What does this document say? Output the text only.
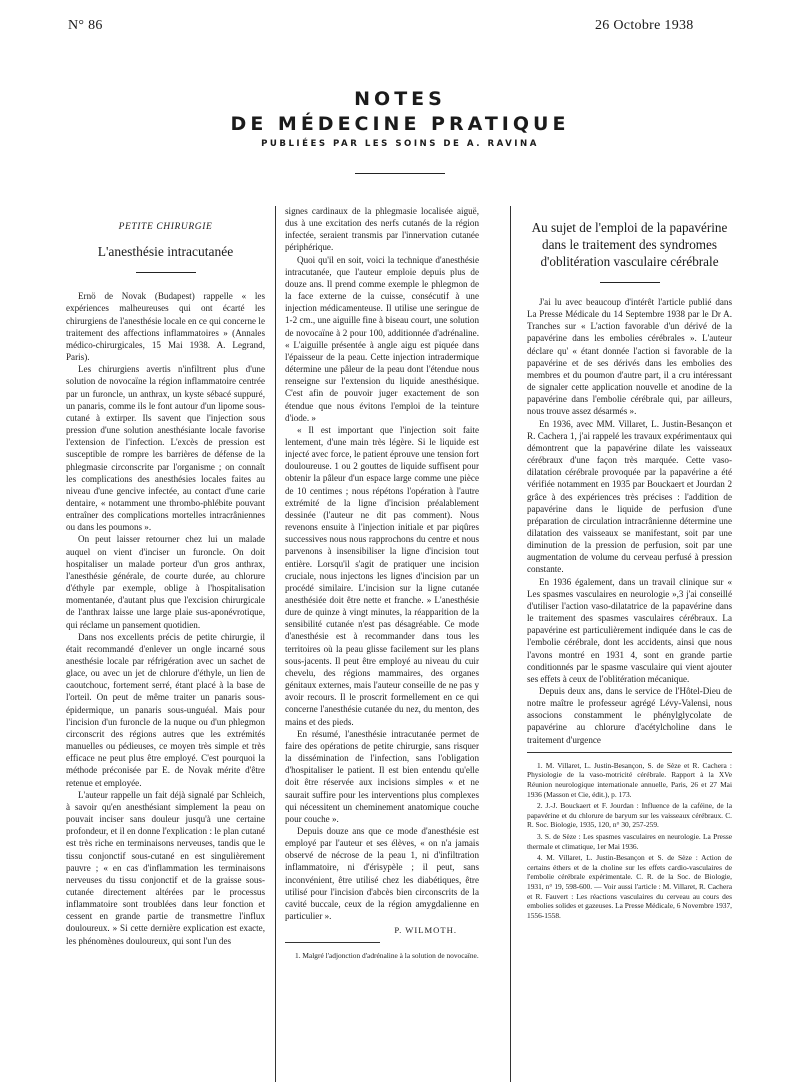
N° 86	26 Octobre 1938
NOTES
DE MÉDECINE PRATIQUE
PUBLIÉES PAR LES SOINS DE A. RAVINA
PETITE CHIRURGIE
L'anesthésie intracutanée

Ernö de Novak (Budapest) rappelle « les expériences malheureuses qui ont écarté les chirurgiens de l'anesthésie locale en ce qui concerne le traitement des affections inflammatoires » (Annales médico-chirurgicales, 15 Mai 1938. A. Legrand, Paris).

Les chirurgiens avertis n'infiltrent plus d'une solution de novocaïne la région inflammatoire centrée par un furoncle, un anthrax, un kyste sébacé suppuré, un panaris, comme ils le font autour d'un lipome sous-cutané à extirper. Ils savent que l'injection sous pression d'une solution anesthésiante locale favorise l'extension de l'infection. L'excès de pression est susceptible de rompre les barrières de défense de la phlegmasie circonscrite par l'organisme ; on connaît les complications des anesthésies locales faites au niveau d'une gencive infectée, au contact d'une carie dentaire, « notamment une thrombo-phlébite pouvant entraîner des complications mortelles intracrâniennes ou dans les poumons ».

On peut laisser retourner chez lui un malade auquel on vient d'inciser un furoncle. On doit hospitaliser un malade porteur d'un gros anthrax, l'anesthésie générale, de courte durée, au chlorure d'éthyle par exemple, oblige à l'hospitalisation momentanée, d'autant plus que l'excision chirurgicale de l'anthrax laisse une large plaie sus-aponévrotique, qui réclame un pansement quotidien.

Dans nos excellents précis de petite chirurgie, il était recommandé d'enlever un ongle incarné sous anesthésie locale par réfrigération avec un sachet de glace, ou avec un jet de chlorure d'éthyle, un lien de caoutchouc, fortement serré, étant placé à la base de l'orteil. On peut de même traiter un panaris sous-épidermique, un panaris sous-unguéal. Mais pour l'incision d'un furoncle de la nuque ou d'un phlegmon circonscrit des régions autres que les extrémités manuelles ou pédieuses, ce moyen très simple et très efficace ne peut plus être employé. C'est pourquoi la méthode préconisée par E. de Novak mérite d'être retenue et employée.

L'auteur rappelle un fait déjà signalé par Schleich, à savoir qu'en anesthésiant simplement la peau on pouvait inciser sans douleur jusqu'à une certaine profondeur, et il en donne l'explication : le plan cutané est très riche en terminaisons nerveuses, tandis que le tissu conjonctif sous-cutané en est singulièrement pauvre ; « en cas d'inflammation les terminaisons nerveuses du tissu conjonctif et de la graisse sous-cutanée directement altérées par le processus inflammatoire sont troublées dans leur fonction et cessent en grande partie de transmettre l'influx douloureux. » Si cette dernière explication est exacte, les phénomènes douloureux, qui sont l'un des

signes cardinaux de la phlegmasie localisée aiguë, dus à une excitation des nerfs cutanés de la région infectée, seraient transmis par l'innervation cutanée périphérique.

Quoi qu'il en soit, voici la technique d'anesthésie intracutanée, que l'auteur emploie depuis plus de douze ans. Il prend comme exemple le phlegmon de la face externe de la cuisse, consécutif à une injection médicamenteuse. Il utilise une seringue de 1-2 cm., une aiguille fine à biseau court, une solution de novocaïne à 2 pour 100, additionnée d'adrénaline. « L'aiguille présentée à angle aigu est piquée dans l'épaisseur de la peau. Cette injection intradermique détermine une pâleur de la peau dont l'étendue nous renseigne sur l'extension du liquide anesthésique. C'est afin de pouvoir juger exactement de son étendue que nous évitons l'emploi de la teinture d'iode. »

« Il est important que l'injection soit faite lentement, d'une main très légère. Si le liquide est injecté avec force, le patient éprouve une tension fort douloureuse. 1 ou 2 gouttes de liquide suffisent pour obtenir la pâleur d'un espace large comme une pièce de 10 centimes ; nous répétons l'opération à l'autre extrémité de la ligne d'incision préalablement dessinée (l'auteur ne dit pas comment). Nous revenons ensuite à l'injection initiale et par piqûres successives nous nous rapprochons du centre et nous parvenons à insensibiliser la ligne d'incision tout entière. Lorsqu'il s'agit de pratiquer une incision cruciale, nous injectons les lignes d'incision par un procédé similaire. L'incision sur la ligne cutanée anesthésiée doit être nette et franche. » L'anesthésie dure de quinze à vingt minutes, la réapparition de la sensibilité cutanée n'est pas désagréable. Ce mode d'anesthésie est à recommander dans tous les territoires où la peau glisse facilement sur les plans sous-jacents. Il peut être employé au niveau du cuir chevelu, des régions mammaires, des organes génitaux externes, mais l'auteur conseille de ne pas y avoir recours. Il le proscrit formellement en ce qui concerne l'anesthésie cutanée du nez, du menton, des mains et des pieds.

En résumé, l'anesthésie intracutanée permet de faire des opérations de petite chirurgie, sans risquer la dissémination de l'infection, sans l'obligation d'hospitaliser le patient. Il est bien entendu qu'elle doit être réservée aux incisions simples « et ne saurait suffire pour les interventions plus complexes qui nécessitent un cheminement anatomique couche pour couche ».

Depuis douze ans que ce mode d'anesthésie est employé par l'auteur et ses élèves, « on n'a jamais observé de nécrose de la peau 1, ni d'infiltration inflammatoire, ni d'érisypèle ; il peut, sans inconvénient, être utilisé chez les diabétiques, être utilisé pour l'incision d'abcès bien circonscrits de la cavité buccale, ceux de la région amygdalienne en particulier ».

P. WILMOTH.

1. Malgré l'adjonction d'adrénaline à la solution de novocaïne.

Au sujet de l'emploi de la papavérine
dans le traitement des syndromes
d'oblitération vasculaire cérébrale

J'ai lu avec beaucoup d'intérêt l'article publié dans La Presse Médicale du 14 Septembre 1938 par le Dr A. Tranches sur « L'action favorable d'un dérivé de la papavérine dans les embolies cérébrales ». L'auteur déclare qu' « étant donnée l'action si favorable de la papavérine et de ses dérivés dans les embolies des membres et du poumon d'autre part, il a cru intéressant de signaler cette application nouvelle et anodine de la papavérine dans l'embolie cérébrale qui, par ailleurs, nous trouve assez désarmés ».

En 1936, avec MM. Villaret, L. Justin-Besançon et R. Cachera 1, j'ai rappelé les travaux expérimentaux qui démontrent que la papavérine dilate les vaisseaux cérébraux d'une façon très marquée. Cette vaso-dilatation cérébrale provoquée par la papavérine a été vérifiée notamment en 1935 par Bouckaert et Jourdan 2 grâce à des expériences très précises : l'addition de papavérine dans le liquide de perfusion d'une préparation de circulation intracrânienne détermine une dilatation des vaisseaux se manifestant, soit par une diminution de la pression de perfusion, soit par une augmentation de volume du cerveau perfusé à pression constante.

En 1936 également, dans un travail clinique sur « Les spasmes vasculaires en neurologie »,3 j'ai conseillé d'utiliser l'action vaso-dilatatrice de la papavérine dans le traitement des spasmes vasculaires cérébraux. La papavérine est particulièrement indiquée dans le cas de l'embolie cérébrale, dont les accidents, ainsi que nous l'avons montré en 1931 4, sont en grande partie conditionnés par le spasme vasculaire qui vient ajouter ses effets à ceux de l'oblitération mécanique.

Depuis deux ans, dans le service de l'Hôtel-Dieu de notre maître le professeur agrégé Lévy-Valensi, nous associons constamment le phénylglycolate de papavérine au chlorure d'acétylcholine dans le traitement d'urgence

1. M. Villaret, L. Justin-Besançon, S. de Sèze et R. Cachera : Physiologie de la vaso-motricité cérébrale. Rapport à la XVe Réunion neurologique internationale annuelle, Paris, 26 et 27 Mai 1936 (Masson et Cie, édit.), p. 173.

2. J.-J. Bouckaert et F. Jourdan : Influence de la caféine, de la papavérine et du chlorure de baryum sur les vaisseaux cérébraux. C. R. Soc. Biologie, 1935, 120, n° 30, 257-259.

3. S. de Sèze : Les spasmes vasculaires en neurologie. La Presse thermale et climatique, 1er Mai 1936.

4. M. Villaret, L. Justin-Besançon et S. de Sèze : Action de certains éthers et de la choline sur les effets cardio-vasculaires de l'embolie cérébrale expérimentale. C. R. de la Soc. de Biologie, 1931, n° 19, 598-600. — Voir aussi l'article : M. Villaret, R. Cachera et R. Fauvert : Les réactions vasculaires du cerveau au cours des embolies solides et gazeuses. La Presse Médicale, 6 Novembre 1937, 1556-1558.
